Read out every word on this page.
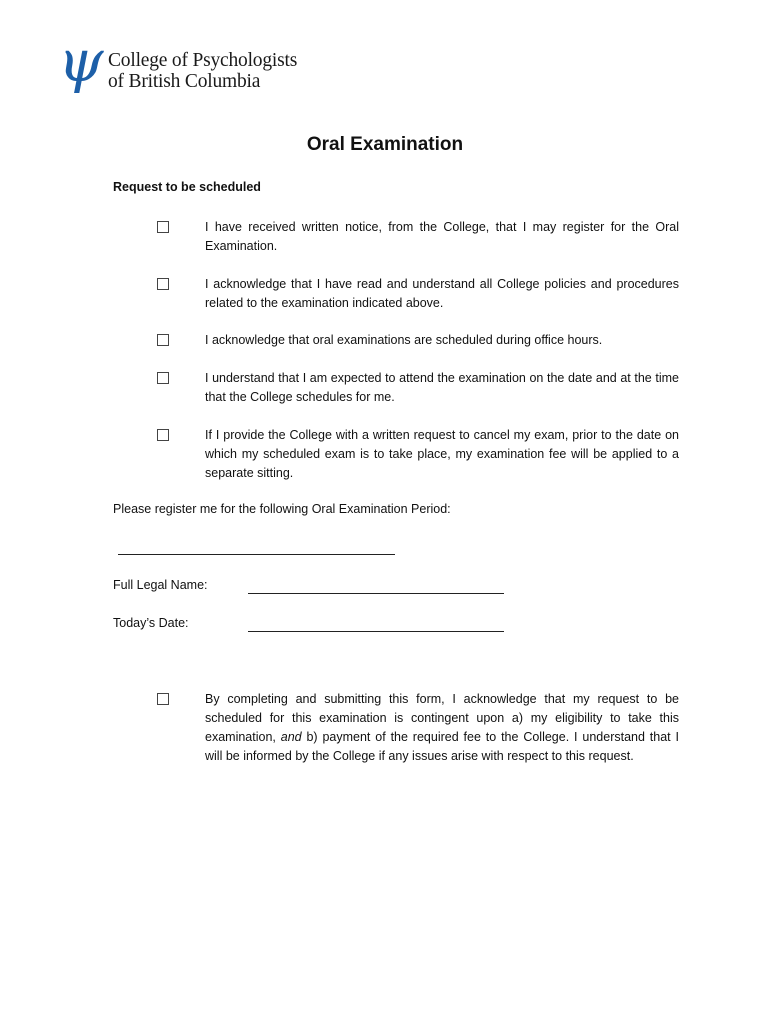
ψ College of Psychologists
of British Columbia
Oral Examination
Request to be scheduled
I have received written notice, from the College, that I may register for the Oral Examination.
I acknowledge that I have read and understand all College policies and procedures related to the examination indicated above.
I acknowledge that oral examinations are scheduled during office hours.
I understand that I am expected to attend the examination on the date and at the time that the College schedules for me.
If I provide the College with a written request to cancel my exam, prior to the date on which my scheduled exam is to take place, my examination fee will be applied to a separate sitting.
Please register me for the following Oral Examination Period:
Full Legal Name:
Today’s Date:
By completing and submitting this form, I acknowledge that my request to be scheduled for this examination is contingent upon a) my eligibility to take this examination, and b) payment of the required fee to the College. I understand that I will be informed by the College if any issues arise with respect to this request.
